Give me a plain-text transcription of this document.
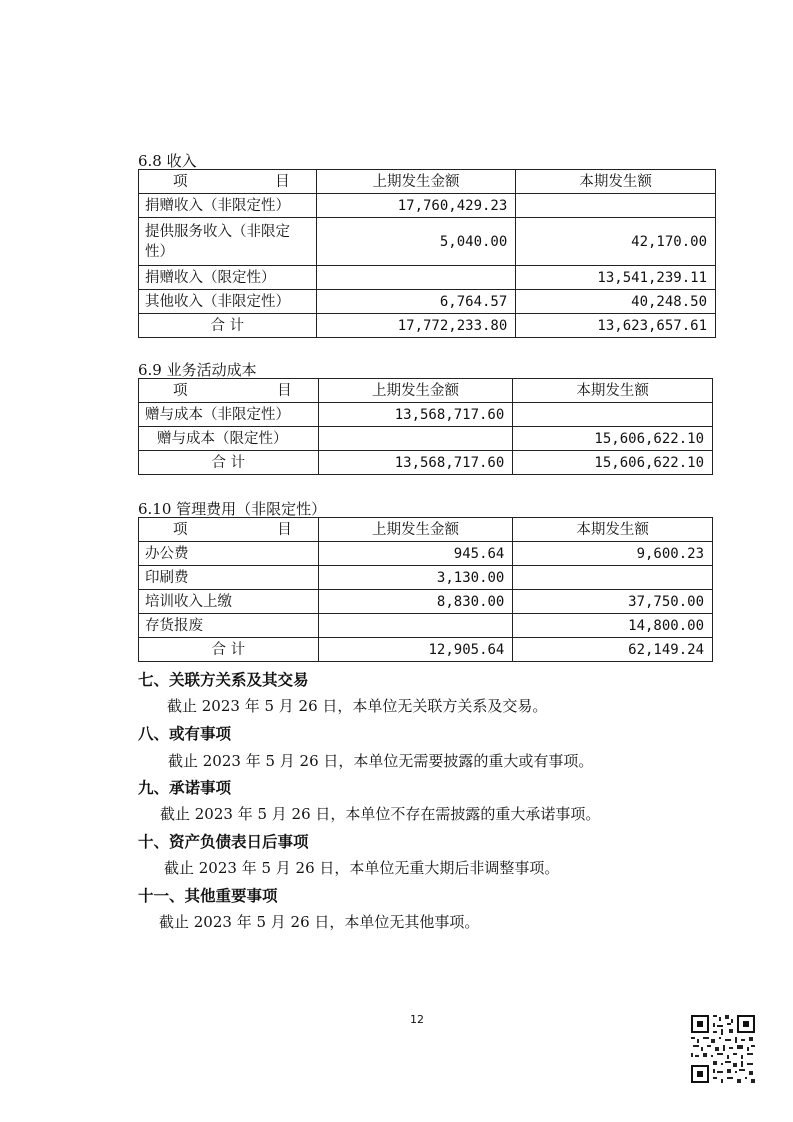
6.8 收入
项 目	上期发生金额	本期发生额
捐赠收入（非限定性）	17,760,429.23	

提供服务收入（非限定
性）	5,040.00	42,170.00
捐赠收入（限定性）		13,541,239.11
其他收入（非限定性）	6,764.57	40,248.50
合 计	17,772,233.80	13,623,657.61
6.9 业务活动成本
项 目	上期发生金额	本期发生额
赠与成本（非限定性）	13,568,717.60	
赠与成本（限定性）		15,606,622.10
合 计	13,568,717.60	15,606,622.10
6.10 管理费用（非限定性）
项 目	上期发生金额	本期发生额
办公费	945.64	9,600.23
印刷费	3,130.00	
培训收入上缴	8,830.00	37,750.00
存货报废		14,800.00
合 计	12,905.64	62,149.24
七、关联方关系及其交易
截止 2023 年 5 月 26 日，本单位无关联方关系及交易。
八、或有事项
截止 2023 年 5 月 26 日，本单位无需要披露的重大或有事项。
九、承诺事项
截止 2023 年 5 月 26 日，本单位不存在需披露的重大承诺事项。
十、资产负债表日后事项
截止 2023 年 5 月 26 日，本单位无重大期后非调整事项。
十一、其他重要事项
截止 2023 年 5 月 26 日，本单位无其他事项。
12
